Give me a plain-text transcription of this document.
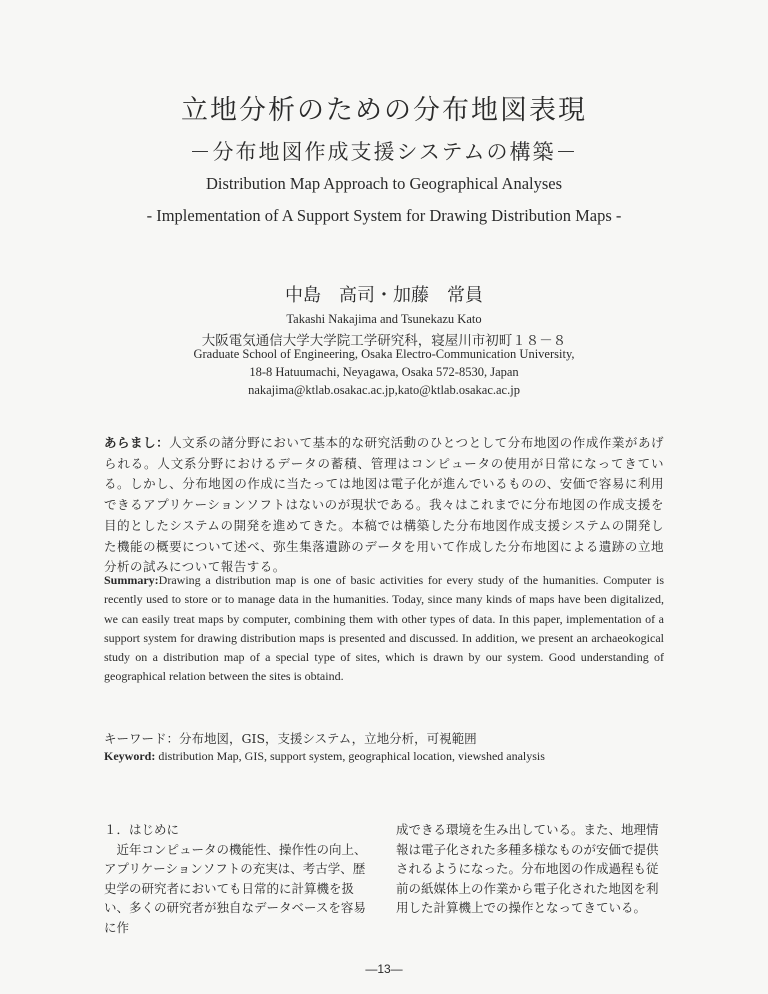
立地分析のための分布地図表現
－分布地図作成支援システムの構築－
Distribution Map Approach to Geographical Analyses
- Implementation of A Support System for Drawing Distribution Maps -
中島　高司・加藤　常員
Takashi Nakajima and Tsunekazu Kato
大阪電気通信大学大学院工学研究科，寝屋川市初町１８－８
Graduate School of Engineering, Osaka Electro-Communication University,
18-8 Hatuumachi, Neyagawa, Osaka 572-8530, Japan
nakajima@ktlab.osakac.ac.jp,kato@ktlab.osakac.ac.jp
あらまし：人文系の諸分野において基本的な研究活動のひとつとして分布地図の作成作業があげられる。人文系分野におけるデータの蓄積、管理はコンピュータの使用が日常になってきている。しかし、分布地図の作成に当たっては地図は電子化が進んでいるものの、安価で容易に利用できるアプリケーションソフトはないのが現状である。我々はこれまでに分布地図の作成支援を目的としたシステムの開発を進めてきた。本稿では構築した分布地図作成支援システムの開発した機能の概要について述べ、弥生集落遺跡のデータを用いて作成した分布地図による遺跡の立地分析の試みについて報告する。
Summary:Drawing a distribution map is one of basic activities for every study of the humanities. Computer is recently used to store or to manage data in the humanities. Today, since many kinds of maps have been digitalized, we can easily treat maps by computer, combining them with other types of data. In this paper, implementation of a support system for drawing distribution maps is presented and discussed. In addition, we present an archaeokogical study on a distribution map of a special type of sites, which is drawn by our system. Good understanding of geographical relation between the sites is obtaind.
キーワード：分布地図，GIS，支援システム，立地分析，可視範囲
Keyword: distribution Map, GIS, support system, geographical location, viewshed analysis
１．はじめに
近年コンピュータの機能性、操作性の向上、アプリケーションソフトの充実は、考古学、歴史学の研究者においても日常的に計算機を扱い、多くの研究者が独自なデータベースを容易に作
成できる環境を生み出している。また、地理情報は電子化された多種多様なものが安価で提供されるようになった。分布地図の作成過程も従前の紙媒体上の作業から電子化された地図を利用した計算機上での操作となってきている。
—13—
